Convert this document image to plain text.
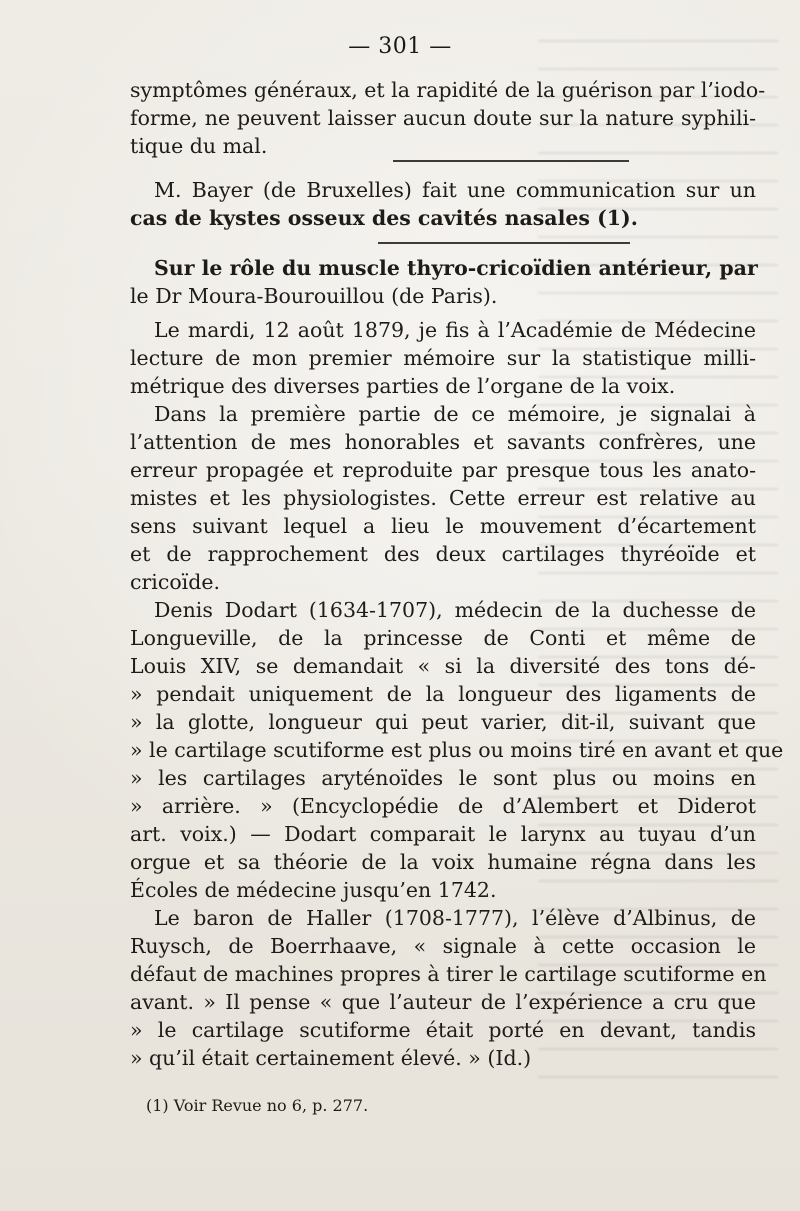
— 301 —
symptômes généraux, et la rapidité de la guérison par l’iodo-
forme, ne peuvent laisser aucun doute sur la nature syphili-
tique du mal.
M. Bayer (de Bruxelles) fait une communication sur un
cas de kystes osseux des cavités nasales (1).
Sur le rôle du muscle thyro-cricoïdien antérieur, par
le Dr Moura-Bourouillou (de Paris).
Le mardi, 12 août 1879, je fis à l’Académie de Médecine
lecture de mon premier mémoire sur la statistique milli-
métrique des diverses parties de l’organe de la voix.
Dans la première partie de ce mémoire, je signalai à
l’attention de mes honorables et savants confrères, une
erreur propagée et reproduite par presque tous les anato-
mistes et les physiologistes. Cette erreur est relative au
sens suivant lequel a lieu le mouvement d’écartement
et de rapprochement des deux cartilages thyréoïde et
cricoïde.
Denis Dodart (1634-1707), médecin de la duchesse de
Longueville, de la princesse de Conti et même de
Louis XIV, se demandait « si la diversité des tons dé-
» pendait uniquement de la longueur des ligaments de
» la glotte, longueur qui peut varier, dit-il, suivant que
» le cartilage scutiforme est plus ou moins tiré en avant et que
» les cartilages aryténoïdes le sont plus ou moins en
» arrière. » (Encyclopédie de d’Alembert et Diderot
art. voix.) — Dodart comparait le larynx au tuyau d’un
orgue et sa théorie de la voix humaine régna dans les
Écoles de médecine jusqu’en 1742.
Le baron de Haller (1708-1777), l’élève d’Albinus, de
Ruysch, de Boerrhaave, « signale à cette occasion le
défaut de machines propres à tirer le cartilage scutiforme en
avant. » Il pense « que l’auteur de l’expérience a cru que
» le cartilage scutiforme était porté en devant, tandis
» qu’il était certainement élevé. » (Id.)
(1) Voir Revue no 6, p. 277.
